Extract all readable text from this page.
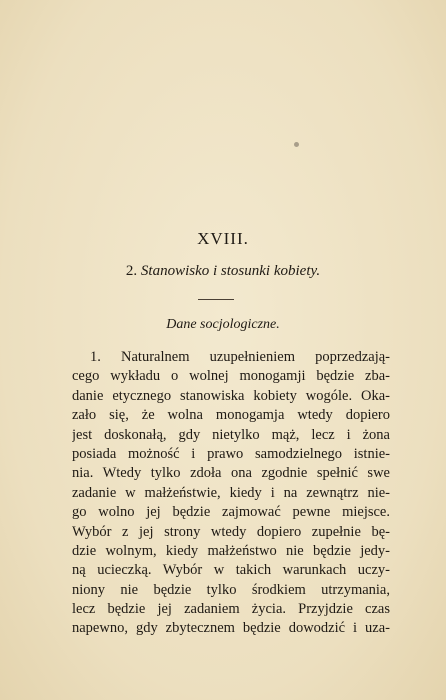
XVIII.
2. Stanowisko i stosunki kobiety.
Dane socjologiczne.
1. Naturalnem uzupełnieniem poprzedzają-
cego wykładu o wolnej monogamji będzie zba-
danie etycznego stanowiska kobiety wogóle. Oka-
zało się, że wolna monogamja wtedy dopiero
jest doskonałą, gdy nietylko mąż, lecz i żona
posiada możność i prawo samodzielnego istnie-
nia. Wtedy tylko zdoła ona zgodnie spełnić swe
zadanie w małżeństwie, kiedy i na zewnątrz nie-
go wolno jej będzie zajmować pewne miejsce.
Wybór z jej strony wtedy dopiero zupełnie bę-
dzie wolnym, kiedy małżeństwo nie będzie jedy-
ną ucieczką. Wybór w takich warunkach uczy-
niony nie będzie tylko środkiem utrzymania,
lecz będzie jej zadaniem życia. Przyjdzie czas
napewno, gdy zbytecznem będzie dowodzić i uza-
